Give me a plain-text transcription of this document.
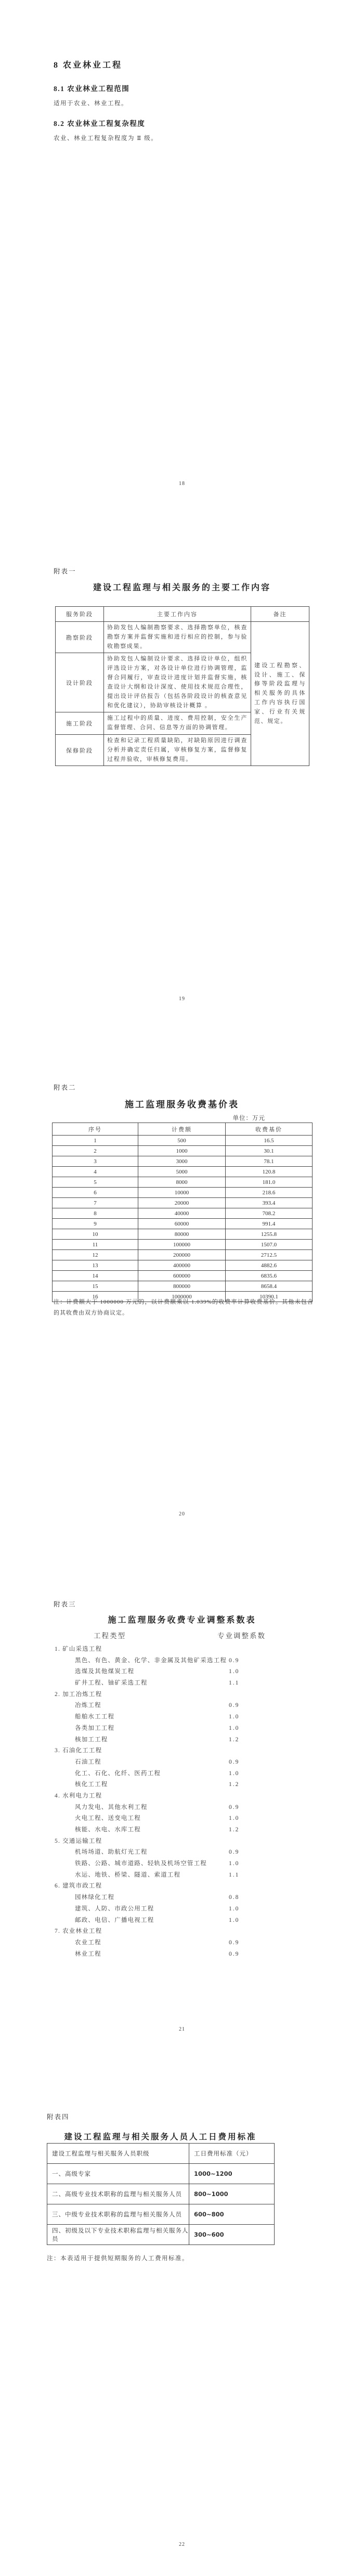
8 农业林业工程
8.1 农业林业工程范围

适用于农业、林业工程。

8.2 农业林业工程复杂程度

农业、林业工程复杂程度为 Ⅱ 级。

18
附表一
建设工程监理与相关服务的主要工作内容
服务阶段	主要工作内容	备注
勘察阶段	协助发包人编制勘察要求、选择勘察单位，核查勘察方案并监督实施和进行相应的控制，参与验收勘察成果。	建设工程勘察、设计、施工、保修等阶段监理与相关服务的具体工作内容执行国家、行业有关规范、规定。
设计阶段	协助发包人编制设计要求、选择设计单位，组织评选设计方案，对各设计单位进行协调管理，监督合同履行，审查设计进度计划并监督实施，核查设计大纲和设计深度、使用技术规范合理性，提出设计评估报告（包括各阶段设计的核查意见和优化建议），协助审核设计概算 。	
施工阶段	施工过程中的质量、进度、费用控制，安全生产监督管理、合同、信息等方面的协调管理。	
保修阶段	检查和记录工程质量缺陷，对缺陷原因进行调查分析并确定责任归属，审核修复方案，监督修复过程并验收，审核修复费用。	
19
附表二
施工监理服务收费基价表
单位：万元
序号	计费额	收费基价
1	500	16.5
2	1000	30.1
3	3000	78.1
4	5000	120.8
5	8000	181.0
6	10000	218.6
7	20000	393.4
8	40000	708.2
9	60000	991.4
10	80000	1255.8
11	100000	1507.0
12	200000	2712.5
13	400000	4882.6
14	600000	6835.6
15	800000	8658.4
16	1000000	10390.1
注：计费额大于 1000000 万元的，以计费额乘以 1.039%的收费率计算收费基价。其他未包含的其收费由双方协商议定。
20
附表三
施工监理服务收费专业调整系数表
工程类型	专业调整系数
1. 矿山采选工程
黑色、有色、黄金、化学、非金属及其他矿采选工程 0.9
选煤及其他煤炭工程	1.0
矿井工程、铀矿采选工程	1.1
2. 加工冶炼工程
冶炼工程	0.9
船舶水工工程	1.0
各类加工工程	1.0
核加工工程	1.2
3. 石油化工工程
石油工程	0.9
化工、石化、化纤、医药工程	1.0
核化工工程	1.2
4. 水利电力工程
风力发电、其他水利工程	0.9
火电工程、送变电工程	1.0
核能、水电、水库工程	1.2
5. 交通运输工程
机场场道、助航灯光工程	0.9
铁路、公路、城市道路、轻轨及机场空管工程	1.0
水运、地铁、桥梁、隧道、索道工程	1.1
6. 建筑市政工程
园林绿化工程	0.8
建筑、人防、市政公用工程	1.0
邮政、电信、广播电视工程	1.0
7. 农业林业工程
农业工程	0.9
林业工程	0.9
21
附表四
建设工程监理与相关服务人员人工日费用标准
建设工程监理与相关服务人员职级	工日费用标准（元）
一、高级专家	1000~1200
二、高级专业技术职称的监理与相关服务人员	800~1000
三、中级专业技术职称的监理与相关服务人员	600~800
四、初级及以下专业技术职称监理与相关服务人员	300~600
注：本表适用于提供短期服务的人工费用标准。
22
